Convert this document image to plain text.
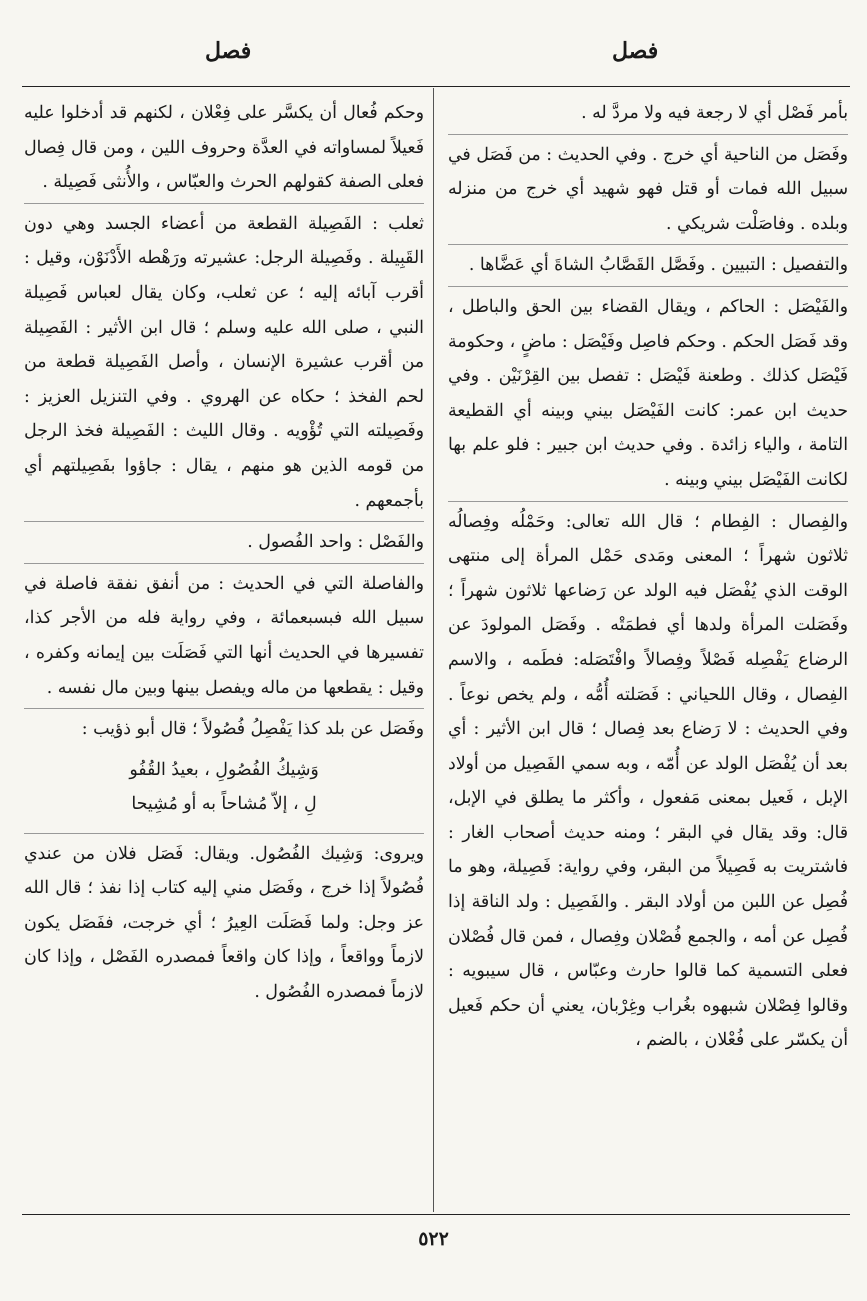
فصل
فصل

بأمر فَصْل أي لا رجعة فيه ولا مردَّ له .

وفَصَل من الناحية أي خرج . وفي الحديث : من فَصَل في سبيل الله فمات أو قتل فهو شهيد أي خرج من منزله وبلده . وفاصَلْت شريكي .

والتفصيل : التبيين . وفَصَّل القَصَّابُ الشاةَ أي عَضَّاها .

والفَيْصَل : الحاكم ، ويقال القضاء بين الحق والباطل ، وقد فَصَل الحكم . وحكم فاصِل وفَيْصَل : ماضٍ ، وحكومة فَيْصَل كذلك . وطعنة فَيْصَل : تفصل بين القِرْنَيْن . وفي حديث ابن عمر: كانت الفَيْصَل بيني وبينه أي القطيعة التامة ، والياء زائدة . وفي حديث ابن جبير : فلو علم بها لكانت الفَيْصَل بيني وبينه .

والفِصال : الفِطام ؛ قال الله تعالى: وحَمْلُه وفِصالُه ثلاثون شهراً ؛ المعنى ومَدى حَمْل المرأة إلى منتهى الوقت الذي يُفْصَل فيه الولد عن رَضاعها ثلاثون شهراً ؛ وفَصَلت المرأة ولدها أي فطمَتْه . وفَصَل المولودَ عن الرضاع يَفْصِله فَصْلاً وفِصالاً وافْتَصَله: فطَمه ، والاسم الفِصال ، وقال اللحياني : فَصَلته أُمُّه ، ولم يخص نوعاً . وفي الحديث : لا رَضاع بعد فِصال ؛ قال ابن الأثير : أي بعد أن يُفْصَل الولد عن أُمّه ، وبه سمي الفَصِيل من أولاد الإبل ، فَعيل بمعنى مَفعول ، وأكثر ما يطلق في الإبل، قال: وقد يقال في البقر ؛ ومنه حديث أصحاب الغار : فاشتريت به فَصِيلاً من البقر، وفي رواية: فَصِيلة، وهو ما فُصِل عن اللبن من أولاد البقر . والفَصِيل : ولد الناقة إذا فُصِل عن أمه ، والجمع فُصْلان وفِصال ، فمن قال فُصْلان فعلى التسمية كما قالوا حارث وعبّاس ، قال سيبويه : وقالوا فِصْلان شبهوه بغُراب وغِرْبان، يعني أن حكم فَعيل أن يكسّر على فُعْلان ، بالضم ،

وحكم فُعال أن يكسَّر على فِعْلان ، لكنهم قد أدخلوا عليه فَعيلاً لمساواته في العدَّة وحروف اللين ، ومن قال فِصال فعلى الصفة كقولهم الحرث والعبّاس ، والأُنثى فَصِيلة .

ثعلب : الفَصِيلة القطعة من أعضاء الجسد وهي دون القَبِيلة . وفَصِيلة الرجل: عشيرته ورَهْطه الأَدْنَوْن، وقيل : أقرب آبائه إليه ؛ عن ثعلب، وكان يقال لعباس فَصِيلة النبي ، صلى الله عليه وسلم ؛ قال ابن الأثير : الفَصِيلة من أقرب عشيرة الإنسان ، وأصل الفَصِيلة قطعة من لحم الفخذ ؛ حكاه عن الهروي . وفي التنزيل العزيز : وفَصِيلته التي تُؤْويه . وقال الليث : الفَصِيلة فخذ الرجل من قومه الذين هو منهم ، يقال : جاؤوا بفَصِيلتهم أي بأجمعهم .

والفَصْل : واحد الفُصول .

والفاصلة التي في الحديث : من أنفق نفقة فاصلة في سبيل الله فبسبعمائة ، وفي رواية فله من الأجر كذا، تفسيرها في الحديث أنها التي فَصَلَت بين إيمانه وكفره ، وقيل : يقطعها من ماله ويفصل بينها وبين مال نفسه .

وفَصَل عن بلد كذا يَفْصِلُ فُصُولاً ؛ قال أبو ذؤيب :

وَشِيكُ الفُصُولِ ، بعيدُ القُفُو
لِ ، إلاّ مُشاحاً به أو مُشِيحا

ويروى: وَشِيك الفُصُول. ويقال: فَصَل فلان من عندي فُصُولاً إذا خرج ، وفَصَل مني إليه كتاب إذا نفذ ؛ قال الله عز وجل: ولما فَصَلَت العِيرُ ؛ أي خرجت، ففَصَل يكون لازماً وواقعاً ، وإذا كان واقعاً فمصدره الفَصْل ، وإذا كان لازماً فمصدره الفُصُول .

٥٢٢
